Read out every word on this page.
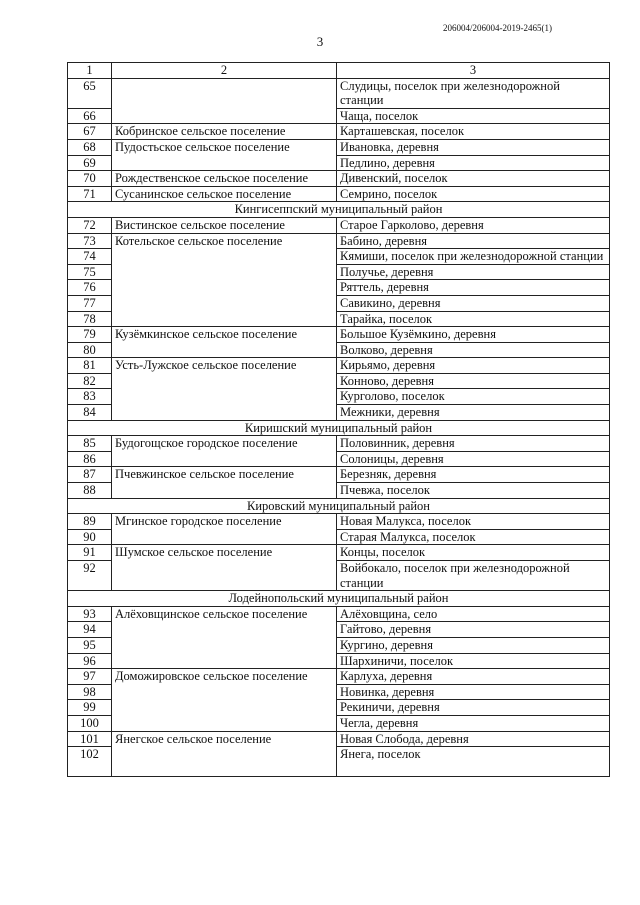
206004/206004-2019-2465(1)
3
1	2	3
65		Слудицы, поселок при железнодорожной станции
66		Чаща, поселок
67	Кобринское сельское поселение	Карташевская, поселок
68	Пудостьское сельское поселение	Ивановка, деревня
69		Педлино, деревня
70	Рождественское сельское поселение	Дивенский, поселок
71	Сусанинское сельское поселение	Семрино, поселок
Кингисеппский муниципальный район		
72	Вистинское сельское поселение	Старое Гарколово, деревня
73	Котельское сельское поселение	Бабино, деревня
74		Кямиши, поселок при железнодорожной станции
75		Получье, деревня
76		Ряттель, деревня
77		Савикино, деревня
78		Тарайка, поселок
79	Кузёмкинское сельское поселение	Большое Кузёмкино, деревня
80		Волково, деревня
81	Усть-Лужское сельское поселение	Кирьямо, деревня
82		Конново, деревня
83		Курголово, поселок
84		Межники, деревня
Киришский муниципальный район		
85	Будогощское городское поселение	Половинник, деревня
86		Солоницы, деревня
87	Пчевжинское сельское поселение	Березняк, деревня
88		Пчевжа, поселок
Кировский муниципальный район		
89	Мгинское городское поселение	Новая Малукса, поселок
90		Старая Малукса, поселок
91	Шумское сельское поселение	Концы, поселок
92		Войбокало, поселок при железнодорожной станции
Лодейнопольский муниципальный район		
93	Алёховщинское сельское поселение	Алёховщина, село
94		Гайтово, деревня
95		Кургино, деревня
96		Шархиничи, поселок
97	Доможировское сельское поселение	Карлуха, деревня
98		Новинка, деревня
99		Рекиничи, деревня
100		Чегла, деревня
101	Янегское сельское поселение	Новая Слобода, деревня
102		Янега, поселок
